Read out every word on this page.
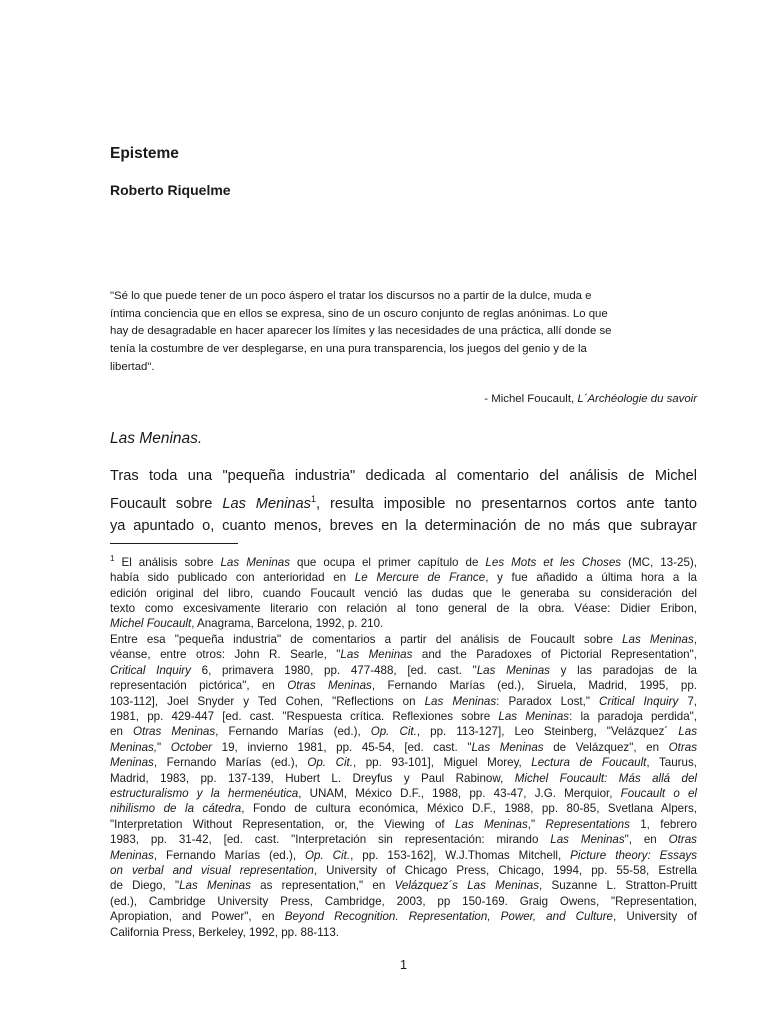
Episteme
Roberto Riquelme
"Sé lo que puede tener de un poco áspero el tratar los discursos no a partir de la dulce, muda e
íntima conciencia que en ellos se expresa, sino de un oscuro conjunto de reglas anónimas. Lo que
hay de desagradable en hacer aparecer los límites y las necesidades de una práctica, allí donde se
tenía la costumbre de ver desplegarse, en una pura transparencia, los juegos del genio y de la
libertad".
- Michel Foucault, L´Archéologie du savoir
Las Meninas.
Tras toda una "pequeña industria" dedicada al comentario del análisis de Michel
Foucault sobre Las Meninas$^1$, resulta imposible no presentarnos cortos ante tanto
ya apuntado o, cuanto menos, breves en la determinación de no más que subrayar
$^1$ El análisis sobre Las Meninas que ocupa el primer capítulo de Les Mots et les Choses (MC, 13-25),
había sido publicado con anterioridad en Le Mercure de France, y fue añadido a última hora a la
edición original del libro, cuando Foucault venció las dudas que le generaba su consideración del
texto como excesivamente literario con relación al tono general de la obra. Véase: Didier Eribon,
Michel Foucault, Anagrama, Barcelona, 1992, p. 210.
Entre esa "pequeña industria" de comentarios a partir del análisis de Foucault sobre Las Meninas,
véanse, entre otros: John R. Searle, "Las Meninas and the Paradoxes of Pictorial Representation",
Critical Inquiry 6, primavera 1980, pp. 477-488, [ed. cast. "Las Meninas y las paradojas de la
representación pictórica", en Otras Meninas, Fernando Marías (ed.), Siruela, Madrid, 1995, pp.
103-112], Joel Snyder y Ted Cohen, "Reflections on Las Meninas: Paradox Lost," Critical Inquiry 7,
1981, pp. 429-447 [ed. cast. "Respuesta crítica. Reflexiones sobre Las Meninas: la paradoja perdida",
en Otras Meninas, Fernando Marías (ed.), Op. Cit., pp. 113-127], Leo Steinberg, "Velázquez´ Las
Meninas," October 19, invierno 1981, pp. 45-54, [ed. cast. "Las Meninas de Velázquez", en Otras
Meninas, Fernando Marías (ed.), Op. Cit., pp. 93-101], Miguel Morey, Lectura de Foucault, Taurus,
Madrid, 1983, pp. 137-139, Hubert L. Dreyfus y Paul Rabinow, Michel Foucault: Más allá del
estructuralismo y la hermenéutica, UNAM, México D.F., 1988, pp. 43-47, J.G. Merquior, Foucault o el
nihilismo de la cátedra, Fondo de cultura económica, México D.F., 1988, pp. 80-85, Svetlana Alpers,
"Interpretation Without Representation, or, the Viewing of Las Meninas," Representations 1, febrero
1983, pp. 31-42, [ed. cast. "Interpretación sin representación: mirando Las Meninas", en Otras
Meninas, Fernando Marías (ed.), Op. Cit., pp. 153-162], W.J.Thomas Mitchell, Picture theory: Essays
on verbal and visual representation, University of Chicago Press, Chicago, 1994, pp. 55-58, Estrella
de Diego, "Las Meninas as representation," en Velázquez´s Las Meninas, Suzanne L. Stratton-Pruitt
(ed.), Cambridge University Press, Cambridge, 2003, pp 150-169. Graig Owens, "Representation,
Apropiation, and Power", en Beyond Recognition. Representation, Power, and Culture, University of
California Press, Berkeley, 1992, pp. 88-113.
1
